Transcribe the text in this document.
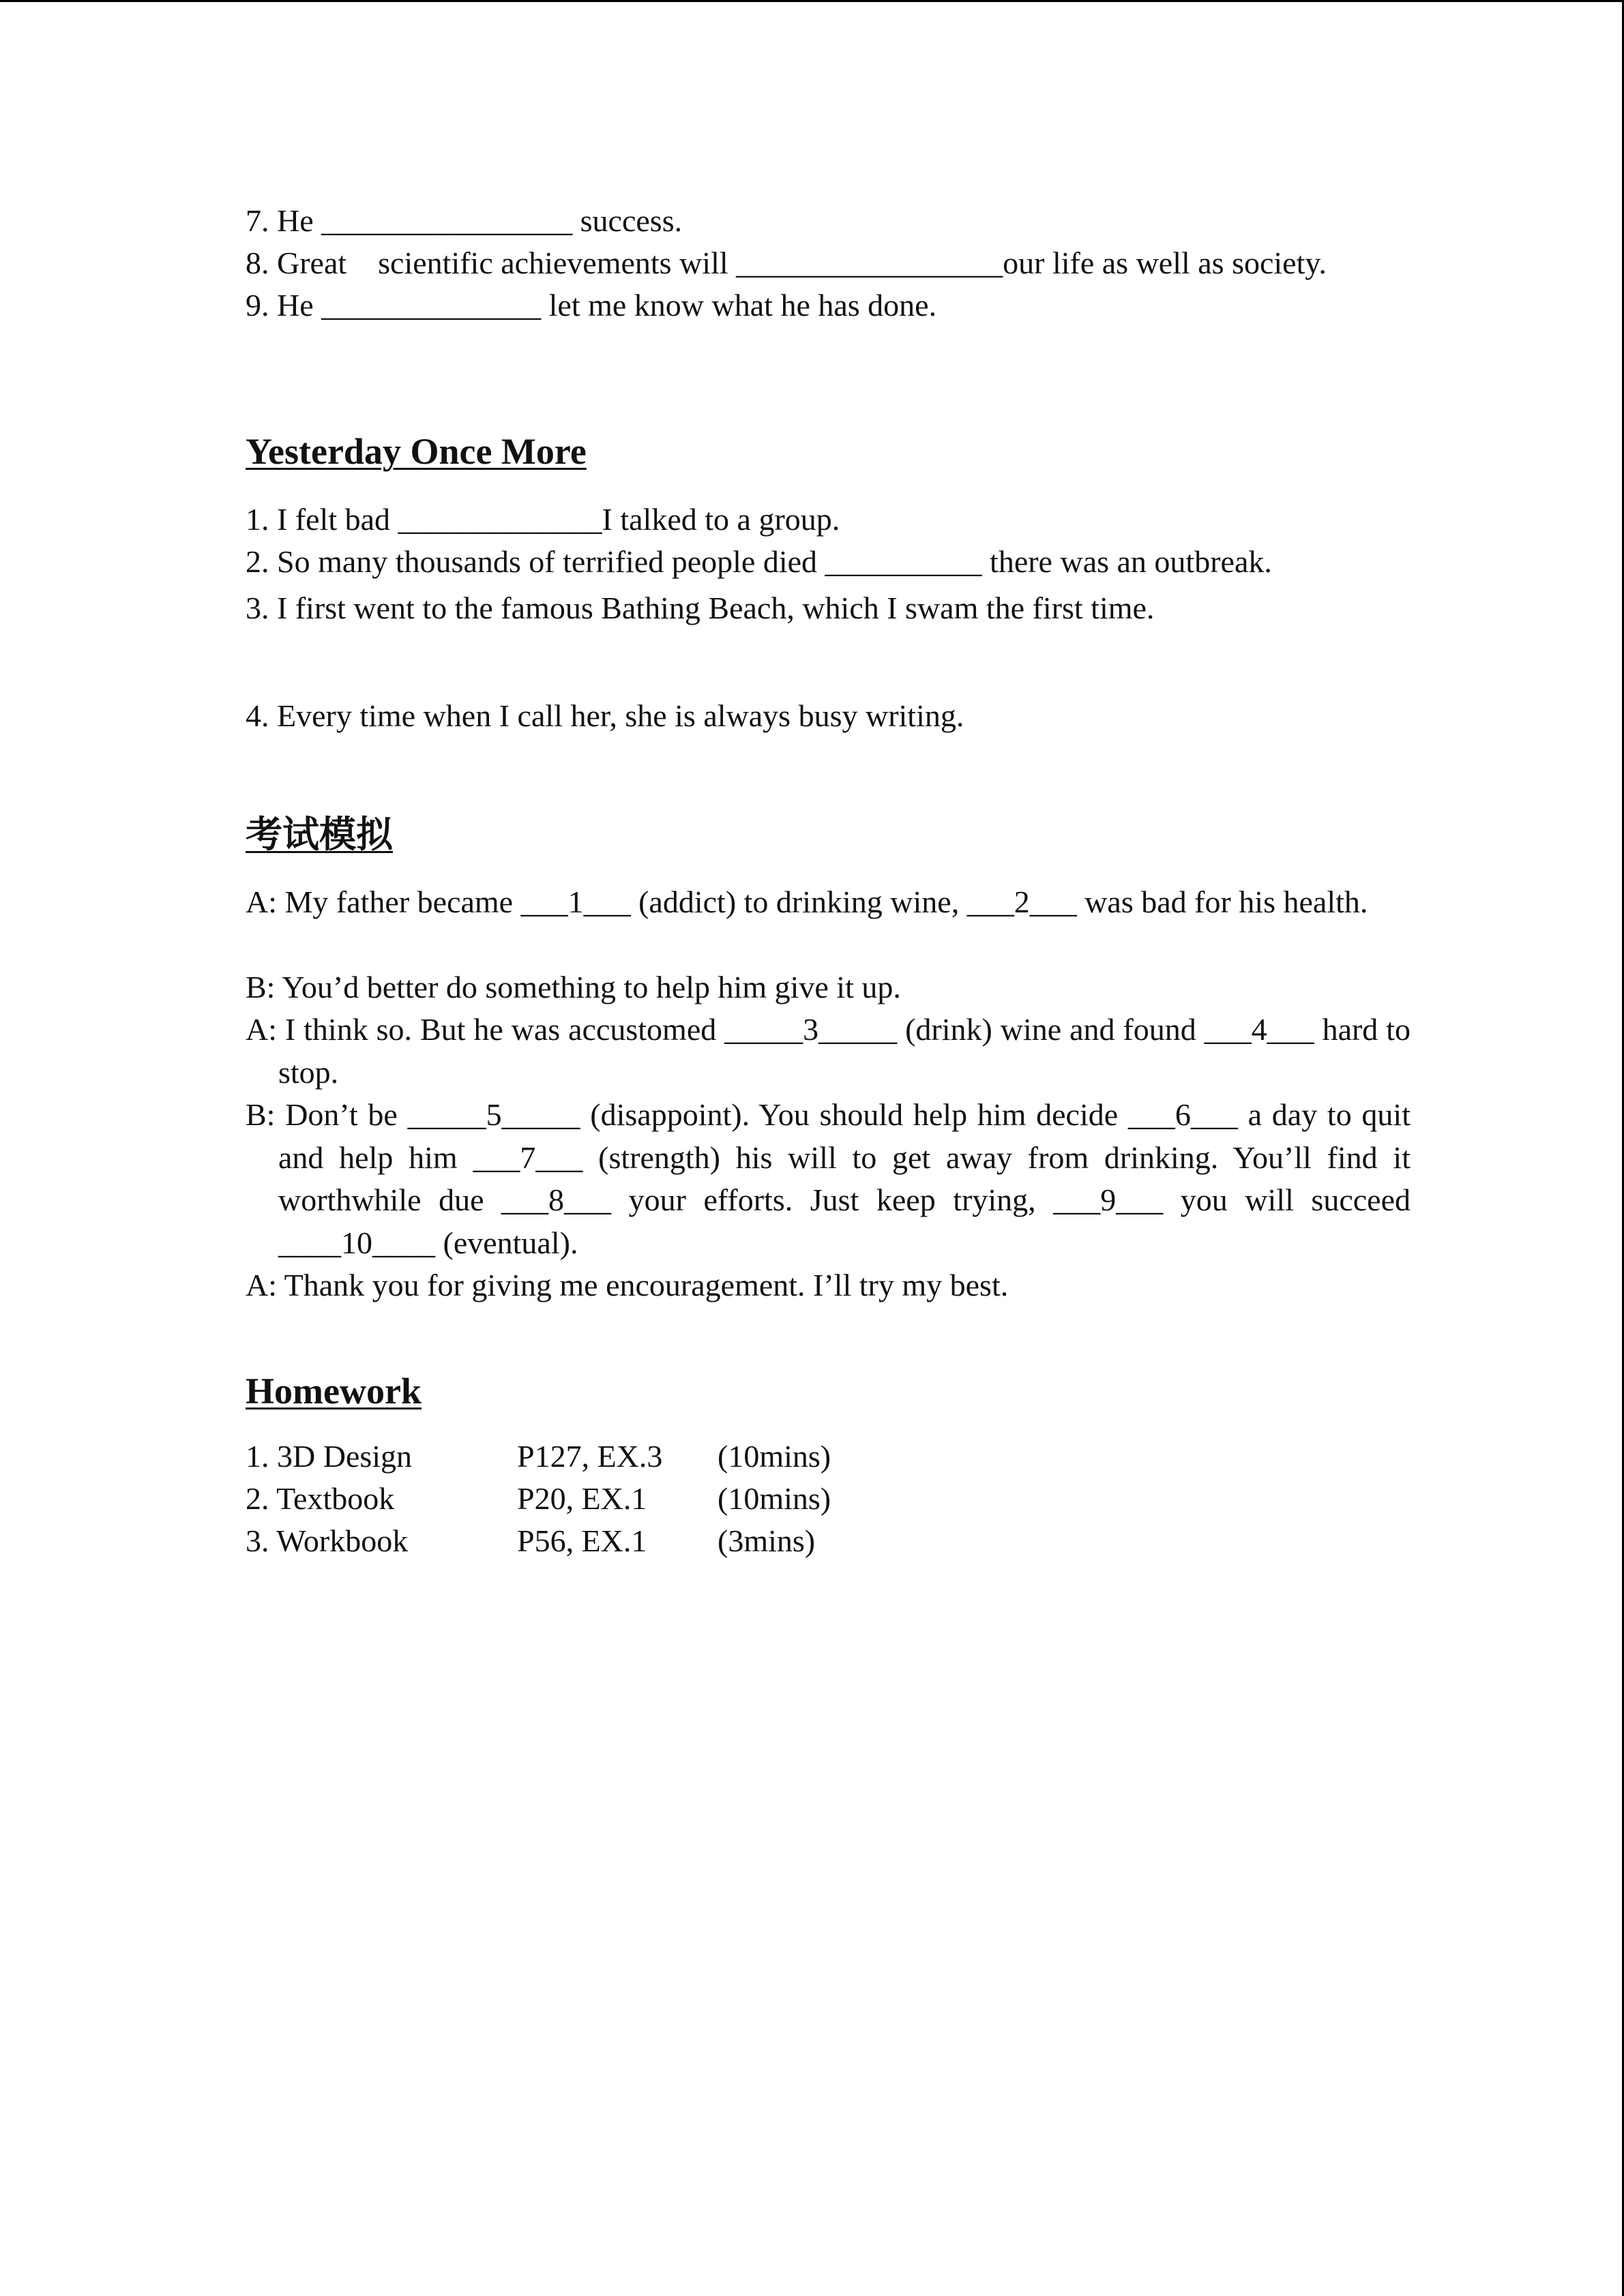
7. He ________________ success.
8. Great    scientific achievements will _________________our life as well as society.
9. He ______________ let me know what he has done.
Yesterday Once More
1. I felt bad _____________I talked to a group.
2. So many thousands of terrified people died __________ there was an outbreak.
3. I first went to the famous Bathing Beach, which I swam the first time.
4. Every time when I call her, she is always busy writing.
考试模拟
A: My father became ___1___ (addict) to drinking wine, ___2___ was bad for his health.
B: You’d better do something to help him give it up.
A: I think so. But he was accustomed _____3_____ (drink) wine and found ___4___ hard to stop.
B: Don’t be _____5_____ (disappoint). You should help him decide ___6___ a day to quit and help him ___7___ (strength) his will to get away from drinking. You’ll find it worthwhile due ___8___ your efforts. Just keep trying, ___9___ you will succeed ____10____ (eventual).
A: Thank you for giving me encouragement. I’ll try my best.
Homework
1. 3D Design	P127, EX.3 (10mins)
2. Textbook	P20, EX.1 (10mins)
3. Workbook	P56, EX.1 (3mins)
